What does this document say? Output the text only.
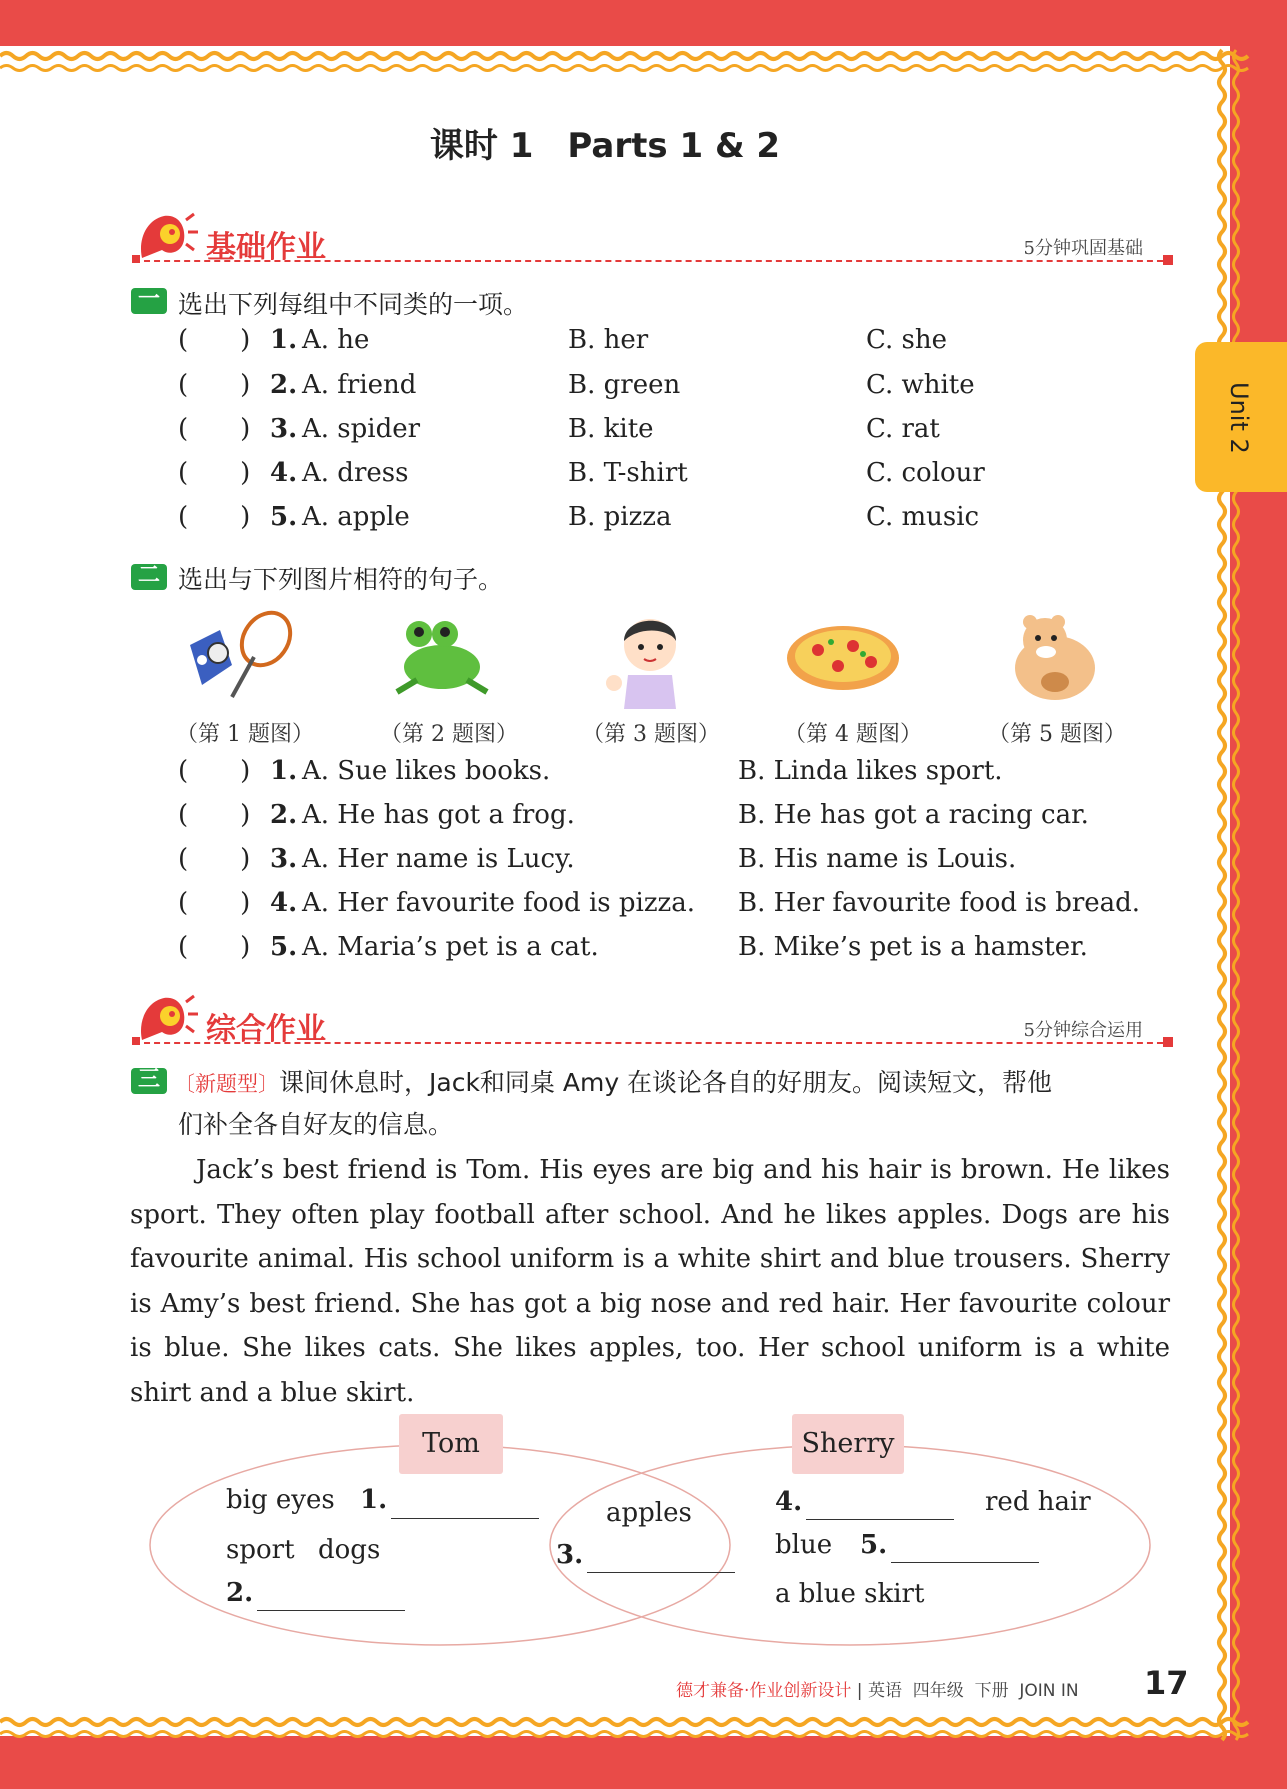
课时 1　Parts 1 & 2
Unit 2
基础作业	5分钟巩固基础
一 选出下列每组中不同类的一项。
(  ) 1. A. he	B. her	C. she
(  ) 2. A. friend	B. green	C. white
(  ) 3. A. spider	B. kite	C. rat
(  ) 4. A. dress	B. T-shirt	C. colour
(  ) 5. A. apple	B. pizza	C. music
二 选出与下列图片相符的句子。
（第 1 题图）	（第 2 题图）	（第 3 题图）	（第 4 题图）	（第 5 题图）
(  ) 1. A. Sue likes books.	B. Linda likes sport.
(  ) 2. A. He has got a frog.	B. He has got a racing car.
(  ) 3. A. Her name is Lucy.	B. His name is Louis.
(  ) 4. A. Her favourite food is pizza. B. Her favourite food is bread.
(  ) 5. A. Maria’s pet is a cat.	B. Mike’s pet is a hamster.
综合作业	5分钟综合运用
三 〔新题型〕课间休息时，Jack和同桌 Amy 在谈论各自的好朋友。阅读短文，帮他
们补全各自好友的信息。
Jack’s best friend is Tom. His eyes are big and his hair is brown. He likes sport. They often play football after school. And he likes apples. Dogs are his favourite animal. His school uniform is a white shirt and blue trousers. Sherry is Amy’s best friend. She has got a big nose and red hair. Her favourite colour is blue. She likes cats. She likes apples, too. Her school uniform is a white shirt and a blue skirt.
Tom	Sherry
big eyes 1.
sport dogs
2.
apples
3.
4.	red hair
blue 5.
a blue skirt
德才兼备·作业创新设计 | 英语 四年级 下册 JOIN IN 17
